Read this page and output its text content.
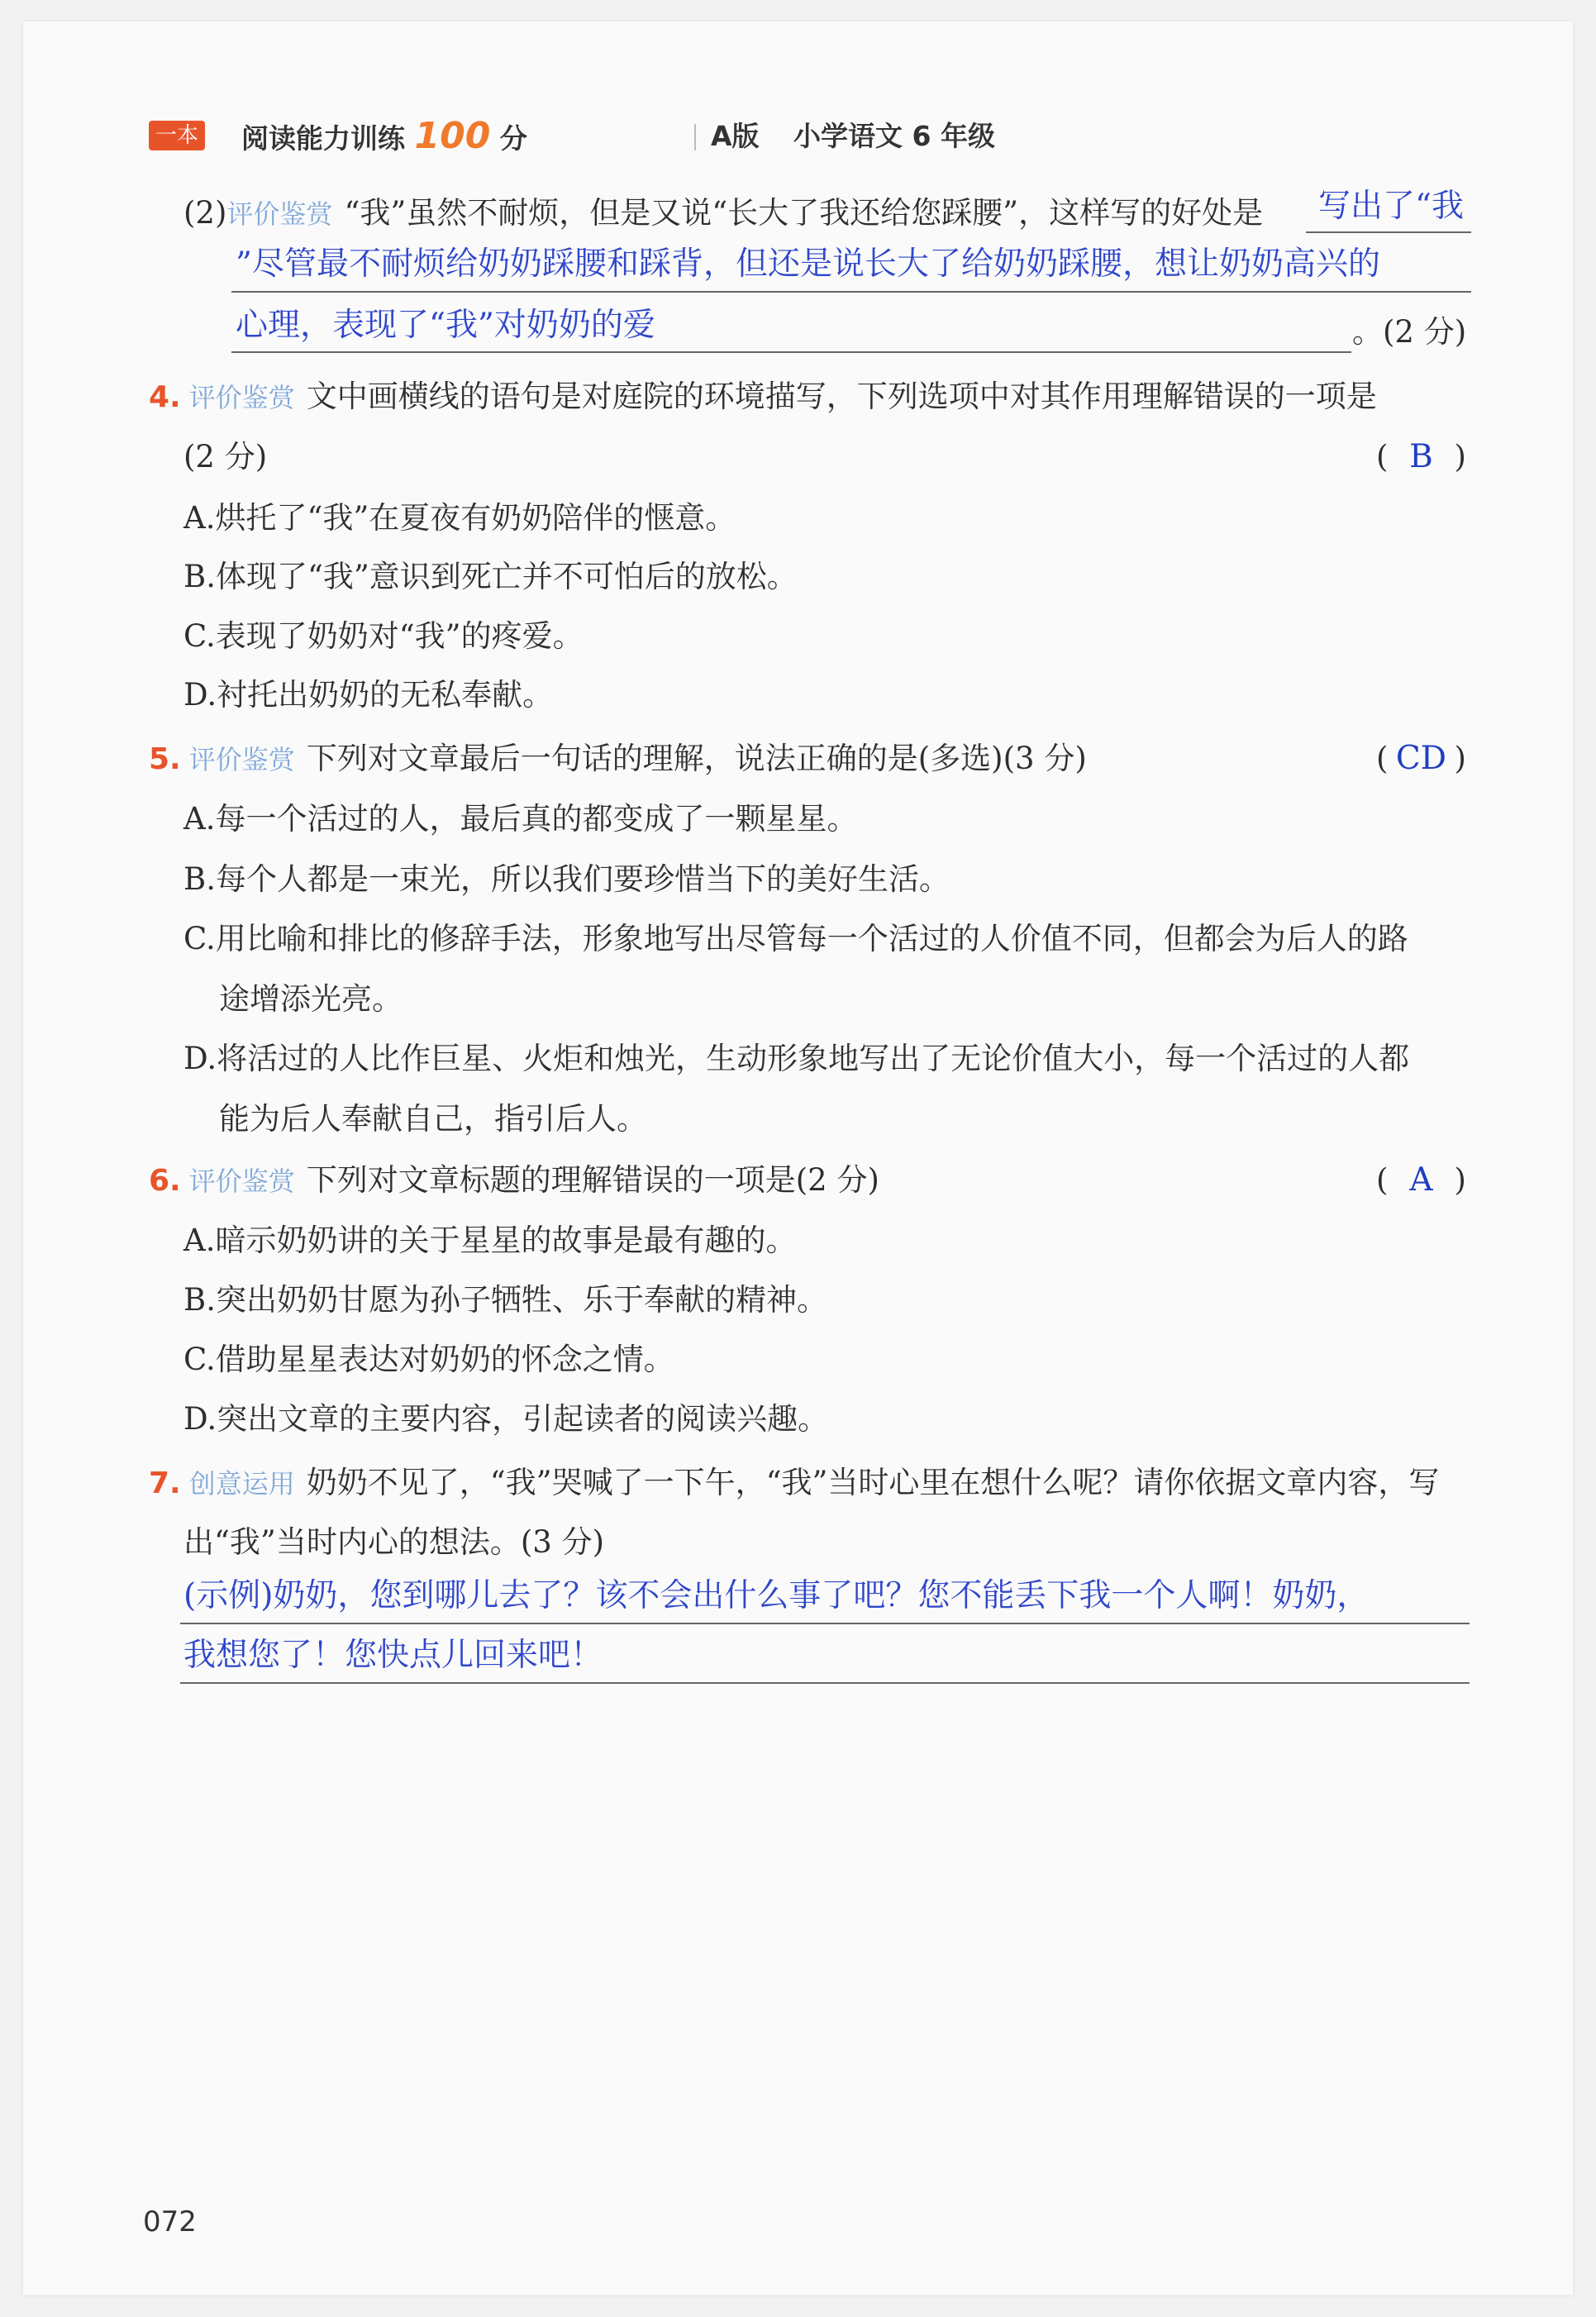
一本 阅读能力训练 100 分	A版 小学语文 6 年级
(2)评价鉴赏 “我”虽然不耐烦，但是又说“长大了我还给您踩腰”，这样写的好处是 写出了“我
”尽管最不耐烦给奶奶踩腰和踩背，但还是说长大了给奶奶踩腰，想让奶奶高兴的
心理，表现了“我”对奶奶的爱	。(2 分)
4. 评价鉴赏 文中画横线的语句是对庭院的环境描写，下列选项中对其作用理解错误的一项是
(2 分)	( B )
A.烘托了“我”在夏夜有奶奶陪伴的惬意。
B.体现了“我”意识到死亡并不可怕后的放松。
C.表现了奶奶对“我”的疼爱。
D.衬托出奶奶的无私奉献。
5. 评价鉴赏 下列对文章最后一句话的理解，说法正确的是(多选)(3 分)	( CD )
A.每一个活过的人，最后真的都变成了一颗星星。
B.每个人都是一束光，所以我们要珍惜当下的美好生活。
C.用比喻和排比的修辞手法，形象地写出尽管每一个活过的人价值不同，但都会为后人的路
途增添光亮。
D.将活过的人比作巨星、火炬和烛光，生动形象地写出了无论价值大小，每一个活过的人都
能为后人奉献自己，指引后人。
6. 评价鉴赏 下列对文章标题的理解错误的一项是(2 分)	( A )
A.暗示奶奶讲的关于星星的故事是最有趣的。
B.突出奶奶甘愿为孙子牺牲、乐于奉献的精神。
C.借助星星表达对奶奶的怀念之情。
D.突出文章的主要内容，引起读者的阅读兴趣。
7. 创意运用 奶奶不见了，“我”哭喊了一下午，“我”当时心里在想什么呢？请你依据文章内容，写
出“我”当时内心的想法。(3 分)
(示例)奶奶，您到哪儿去了？该不会出什么事了吧？您不能丢下我一个人啊！奶奶，
我想您了！您快点儿回来吧！
072
